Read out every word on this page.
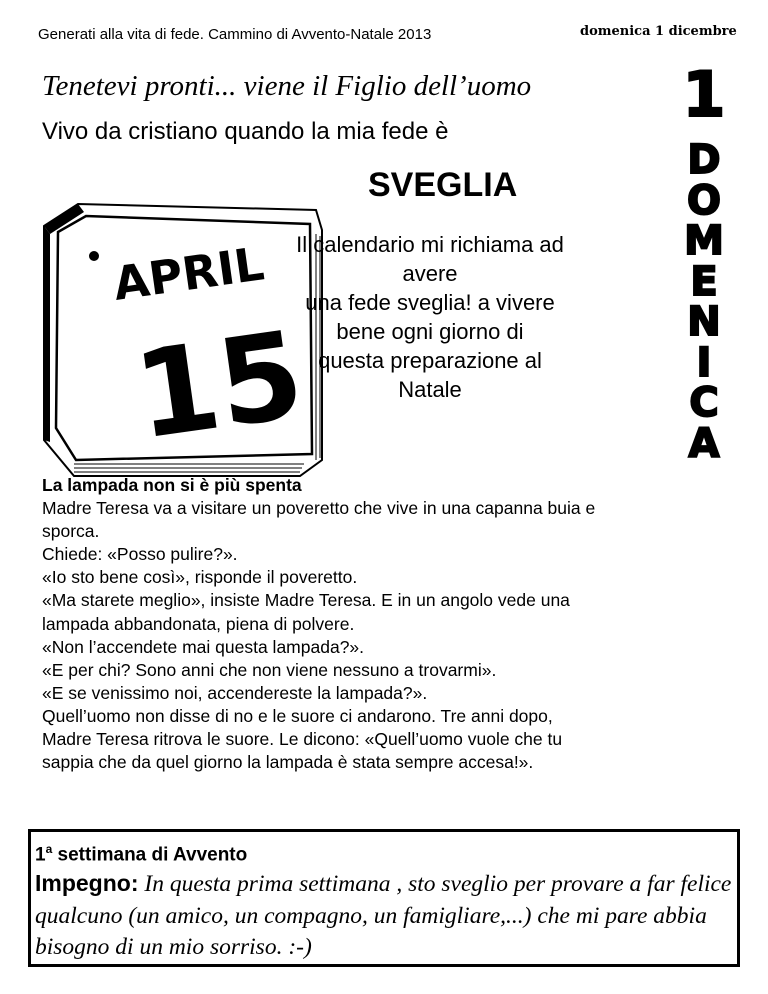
Generati alla vita di fede. Cammino di Avvento-Natale 2013	domenica 1 dicembre
Tenetevi pronti... viene il Figlio dell’uomo
Vivo da cristiano quando la mia fede è
SVEGLIA
APRIL
15
Il calendario mi richiama ad
avere
una fede sveglia! a vivere
bene ogni giorno di
questa preparazione al
Natale
1
D
O
M
E
N
I
C
A
La lampada non si è più spenta
Madre Teresa va a visitare un poveretto che vive in una capanna buia e
sporca.
Chiede: «Posso pulire?».
«Io sto bene così», risponde il poveretto.
«Ma starete meglio», insiste Madre Teresa. E in un angolo vede una
lampada abbandonata, piena di polvere.
«Non l’accendete mai questa lampada?».
«E per chi? Sono anni che non viene nessuno a trovarmi».
«E se venissimo noi, accendereste la lampada?».
Quell’uomo non disse di no e le suore ci andarono. Tre anni dopo,
Madre Teresa ritrova le suore. Le dicono: «Quell’uomo vuole che tu
sappia che da quel giorno la lampada è stata sempre accesa!».
1$^a$ settimana di Avvento
Impegno: In questa prima settimana , sto sveglio per provare a far felice qualcuno (un amico, un compagno, un famigliare,...) che mi pare abbia bisogno di un mio sorriso. :-)
